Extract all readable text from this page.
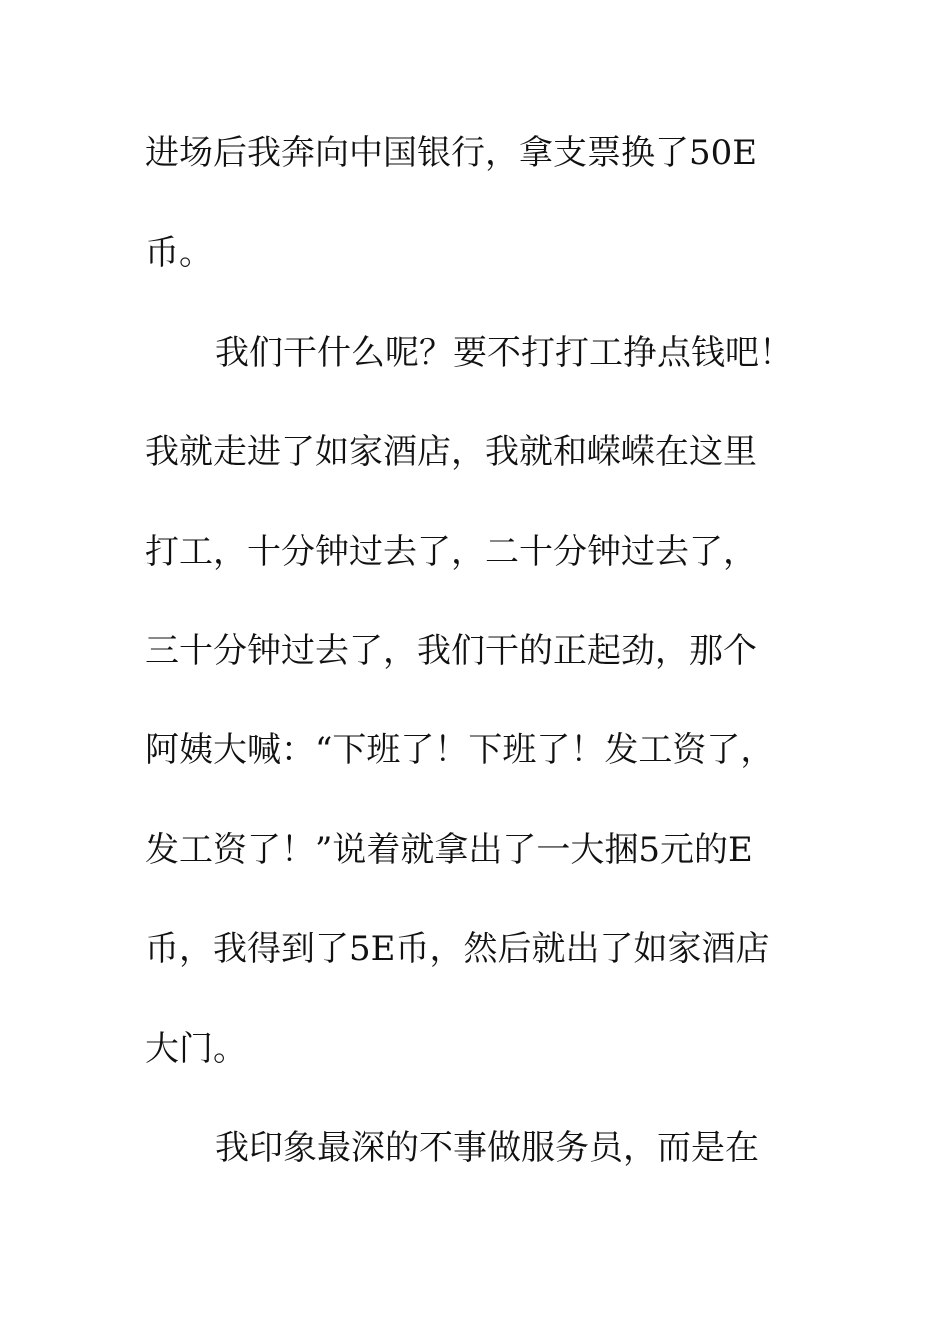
进场后我奔向中国银行，拿支票换了50E
币。
我们干什么呢？要不打打工挣点钱吧！
我就走进了如家酒店，我就和嵘嵘在这里
打工，十分钟过去了，二十分钟过去了，
三十分钟过去了，我们干的正起劲，那个
阿姨大喊：“下班了！下班了！发工资了，
发工资了！”说着就拿出了一大捆5元的E
币，我得到了5E币，然后就出了如家酒店
大门。
我印象最深的不事做服务员，而是在
